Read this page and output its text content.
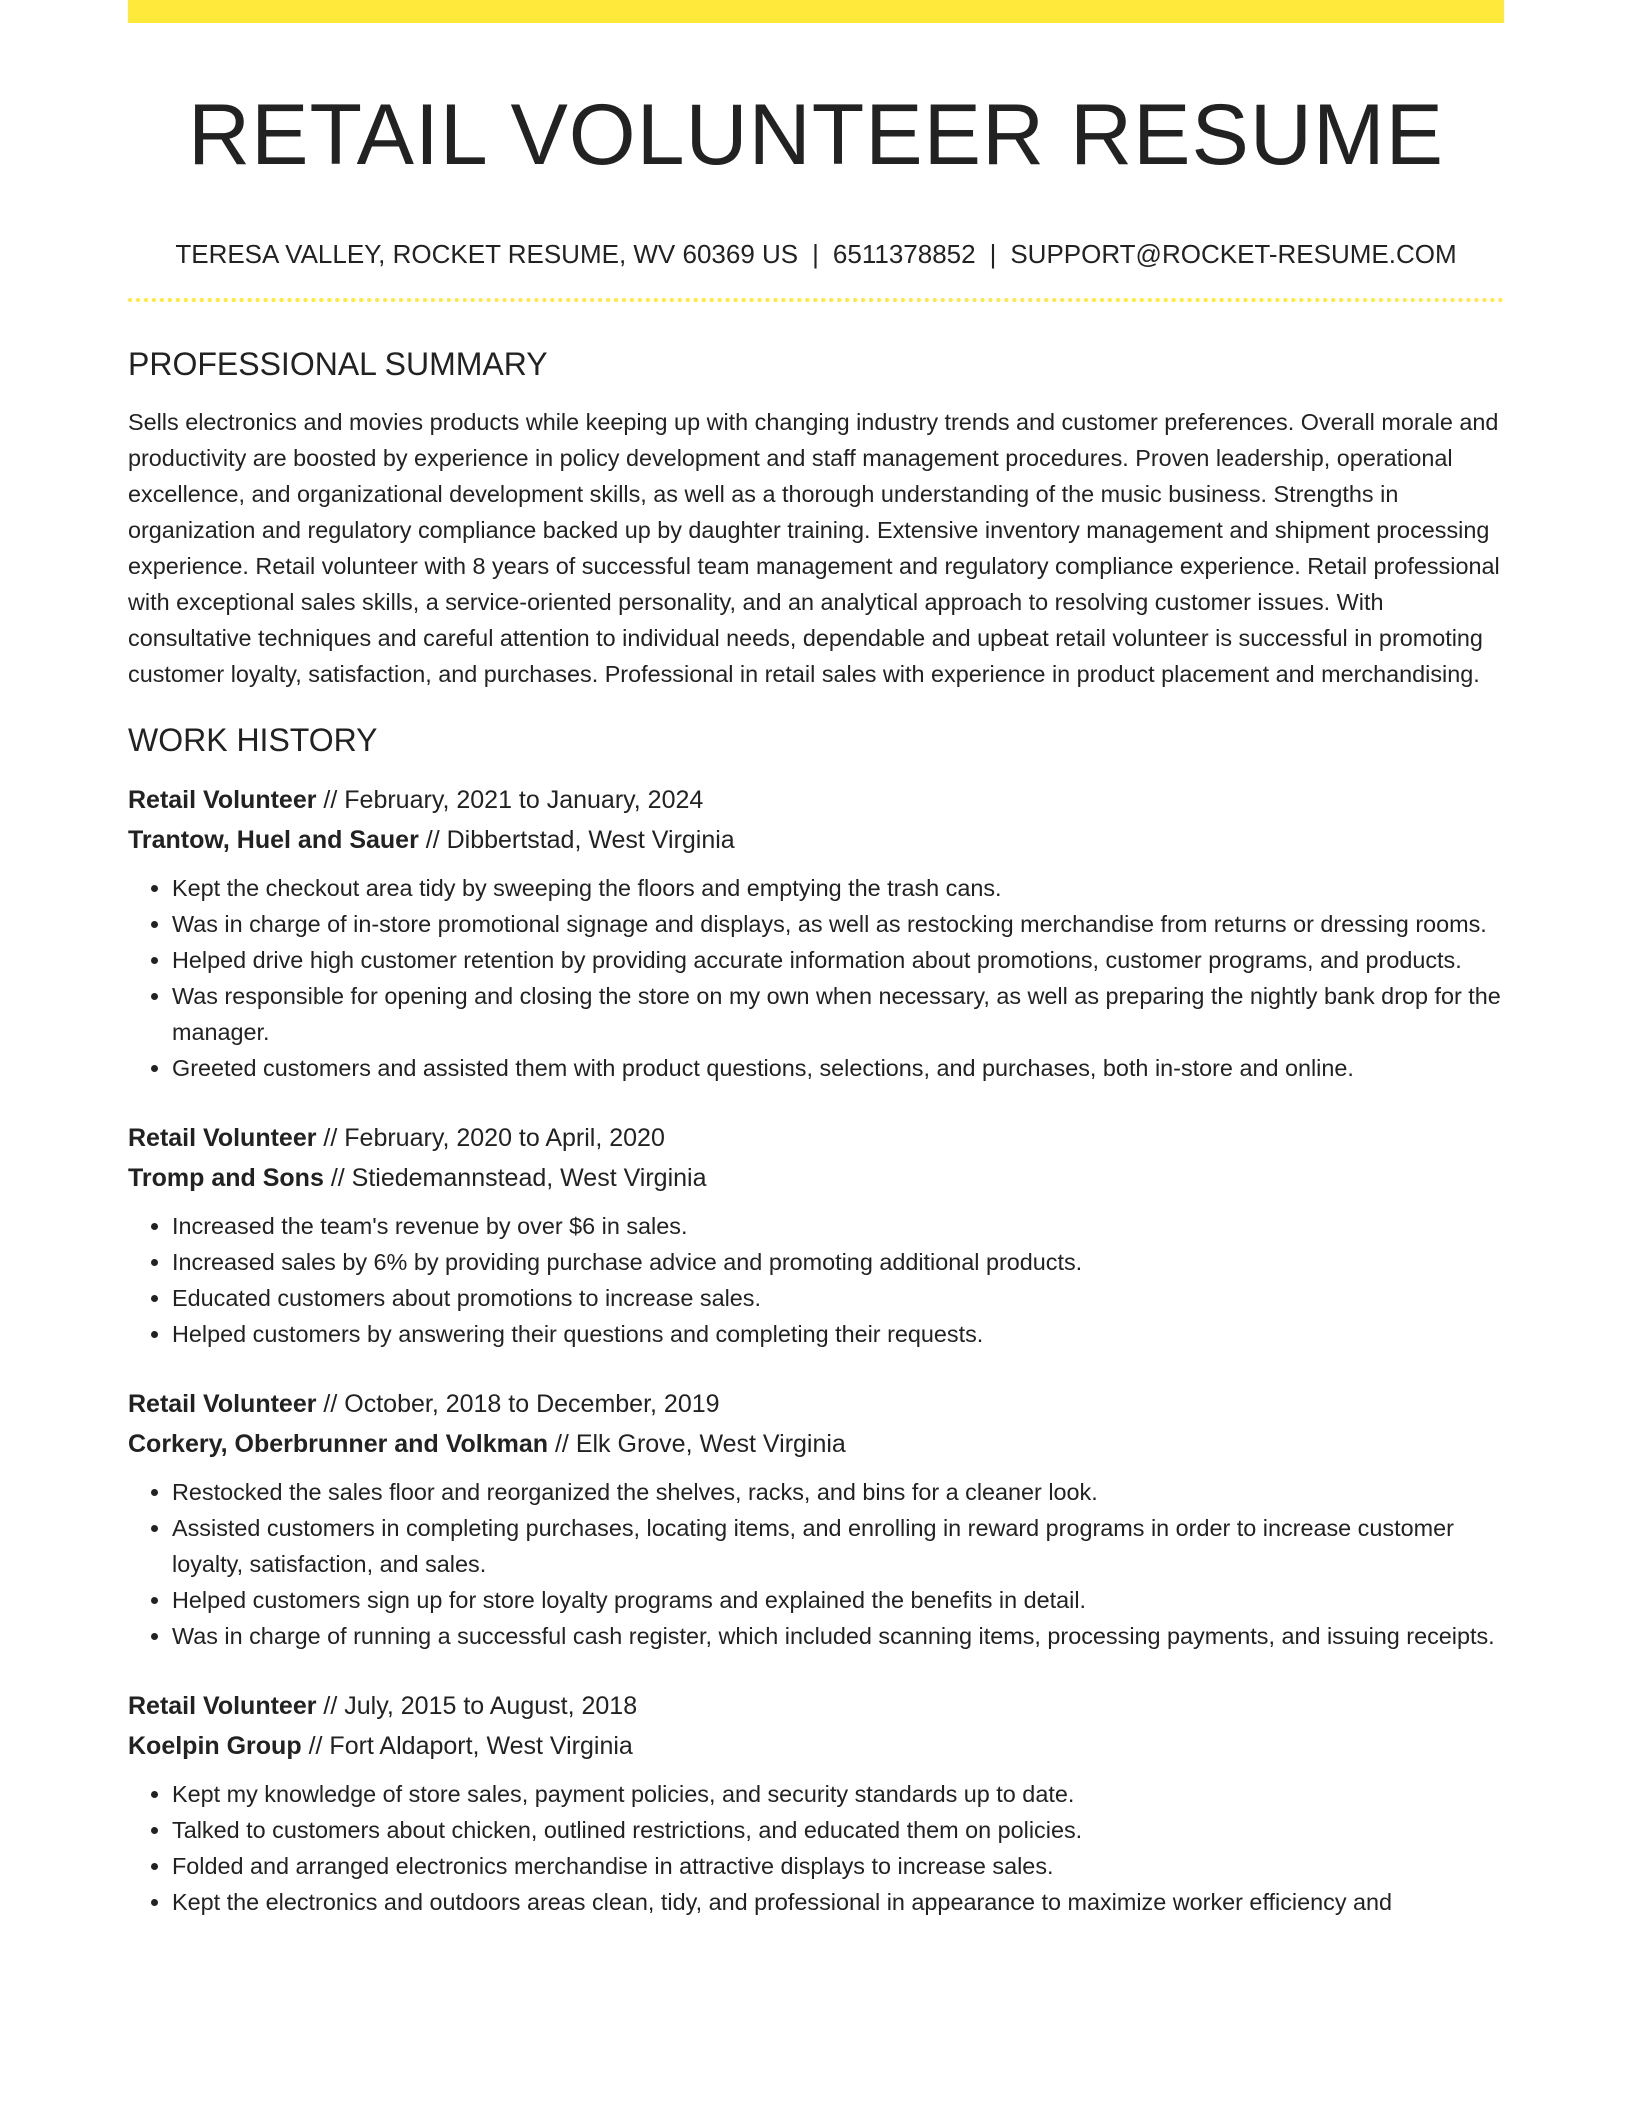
RETAIL VOLUNTEER RESUME
TERESA VALLEY, ROCKET RESUME, WV 60369 US | 6511378852 | SUPPORT@ROCKET-RESUME.COM
PROFESSIONAL SUMMARY
Sells electronics and movies products while keeping up with changing industry trends and customer preferences. Overall morale and productivity are boosted by experience in policy development and staff management procedures. Proven leadership, operational excellence, and organizational development skills, as well as a thorough understanding of the music business. Strengths in organization and regulatory compliance backed up by daughter training. Extensive inventory management and shipment processing experience. Retail volunteer with 8 years of successful team management and regulatory compliance experience. Retail professional with exceptional sales skills, a service-oriented personality, and an analytical approach to resolving customer issues. With consultative techniques and careful attention to individual needs, dependable and upbeat retail volunteer is successful in promoting customer loyalty, satisfaction, and purchases. Professional in retail sales with experience in product placement and merchandising.
WORK HISTORY
Retail Volunteer // February, 2021 to January, 2024
Trantow, Huel and Sauer // Dibbertstad, West Virginia
• Kept the checkout area tidy by sweeping the floors and emptying the trash cans.
• Was in charge of in-store promotional signage and displays, as well as restocking merchandise from returns or dressing rooms.
• Helped drive high customer retention by providing accurate information about promotions, customer programs, and products.
• Was responsible for opening and closing the store on my own when necessary, as well as preparing the nightly bank drop for the manager.
• Greeted customers and assisted them with product questions, selections, and purchases, both in-store and online.
Retail Volunteer // February, 2020 to April, 2020
Tromp and Sons // Stiedemannstead, West Virginia
• Increased the team's revenue by over $6 in sales.
• Increased sales by 6% by providing purchase advice and promoting additional products.
• Educated customers about promotions to increase sales.
• Helped customers by answering their questions and completing their requests.
Retail Volunteer // October, 2018 to December, 2019
Corkery, Oberbrunner and Volkman // Elk Grove, West Virginia
• Restocked the sales floor and reorganized the shelves, racks, and bins for a cleaner look.
• Assisted customers in completing purchases, locating items, and enrolling in reward programs in order to increase customer loyalty, satisfaction, and sales.
• Helped customers sign up for store loyalty programs and explained the benefits in detail.
• Was in charge of running a successful cash register, which included scanning items, processing payments, and issuing receipts.
Retail Volunteer // July, 2015 to August, 2018
Koelpin Group // Fort Aldaport, West Virginia
• Kept my knowledge of store sales, payment policies, and security standards up to date.
• Talked to customers about chicken, outlined restrictions, and educated them on policies.
• Folded and arranged electronics merchandise in attractive displays to increase sales.
• Kept the electronics and outdoors areas clean, tidy, and professional in appearance to maximize worker efficiency and
